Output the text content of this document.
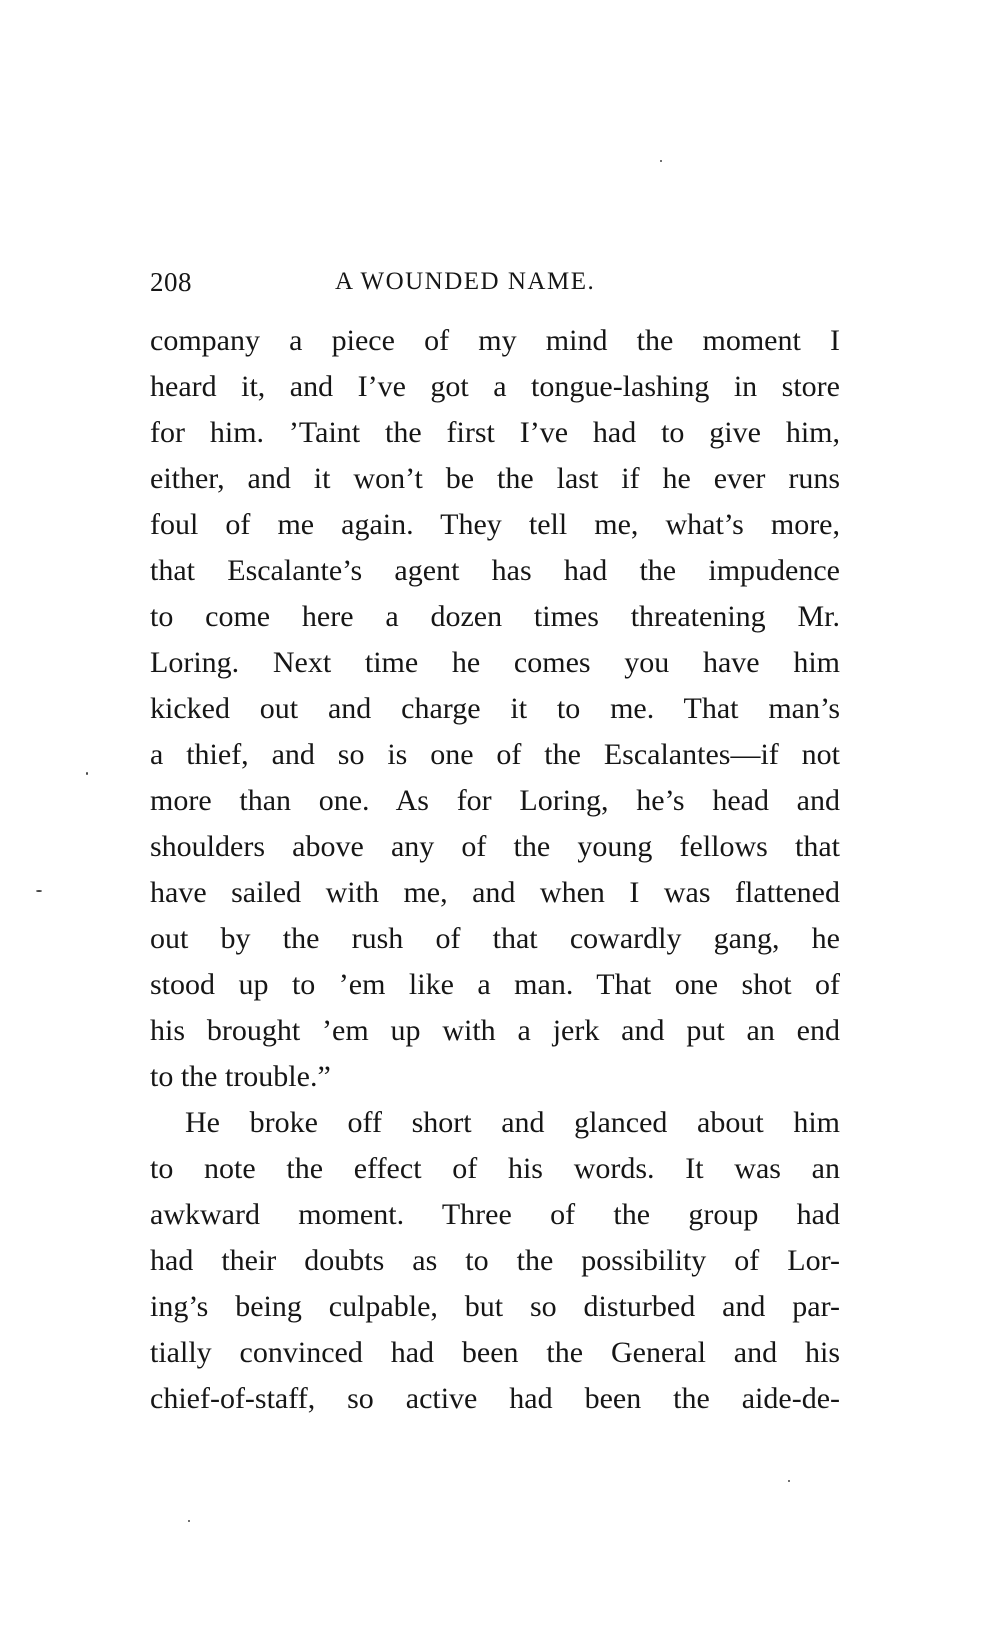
208	A WOUNDED NAME.
company a piece of my mind the moment I
heard it, and I’ve got a tongue-lashing in store
for him. ’Taint the first I’ve had to give him,
either, and it won’t be the last if he ever runs
foul of me again. They tell me, what’s more,
that Escalante’s agent has had the impudence
to come here a dozen times threatening Mr.
Loring. Next time he comes you have him
kicked out and charge it to me. That man’s
a thief, and so is one of the Escalantes—if not
more than one. As for Loring, he’s head and
shoulders above any of the young fellows that
have sailed with me, and when I was flattened
out by the rush of that cowardly gang, he
stood up to ’em like a man. That one shot of
his brought ’em up with a jerk and put an end
to the trouble.”
He broke off short and glanced about him
to note the effect of his words. It was an
awkward moment. Three of the group had
had their doubts as to the possibility of Lor-
ing’s being culpable, but so disturbed and par-
tially convinced had been the General and his
chief-of-staff, so active had been the aide-de-
